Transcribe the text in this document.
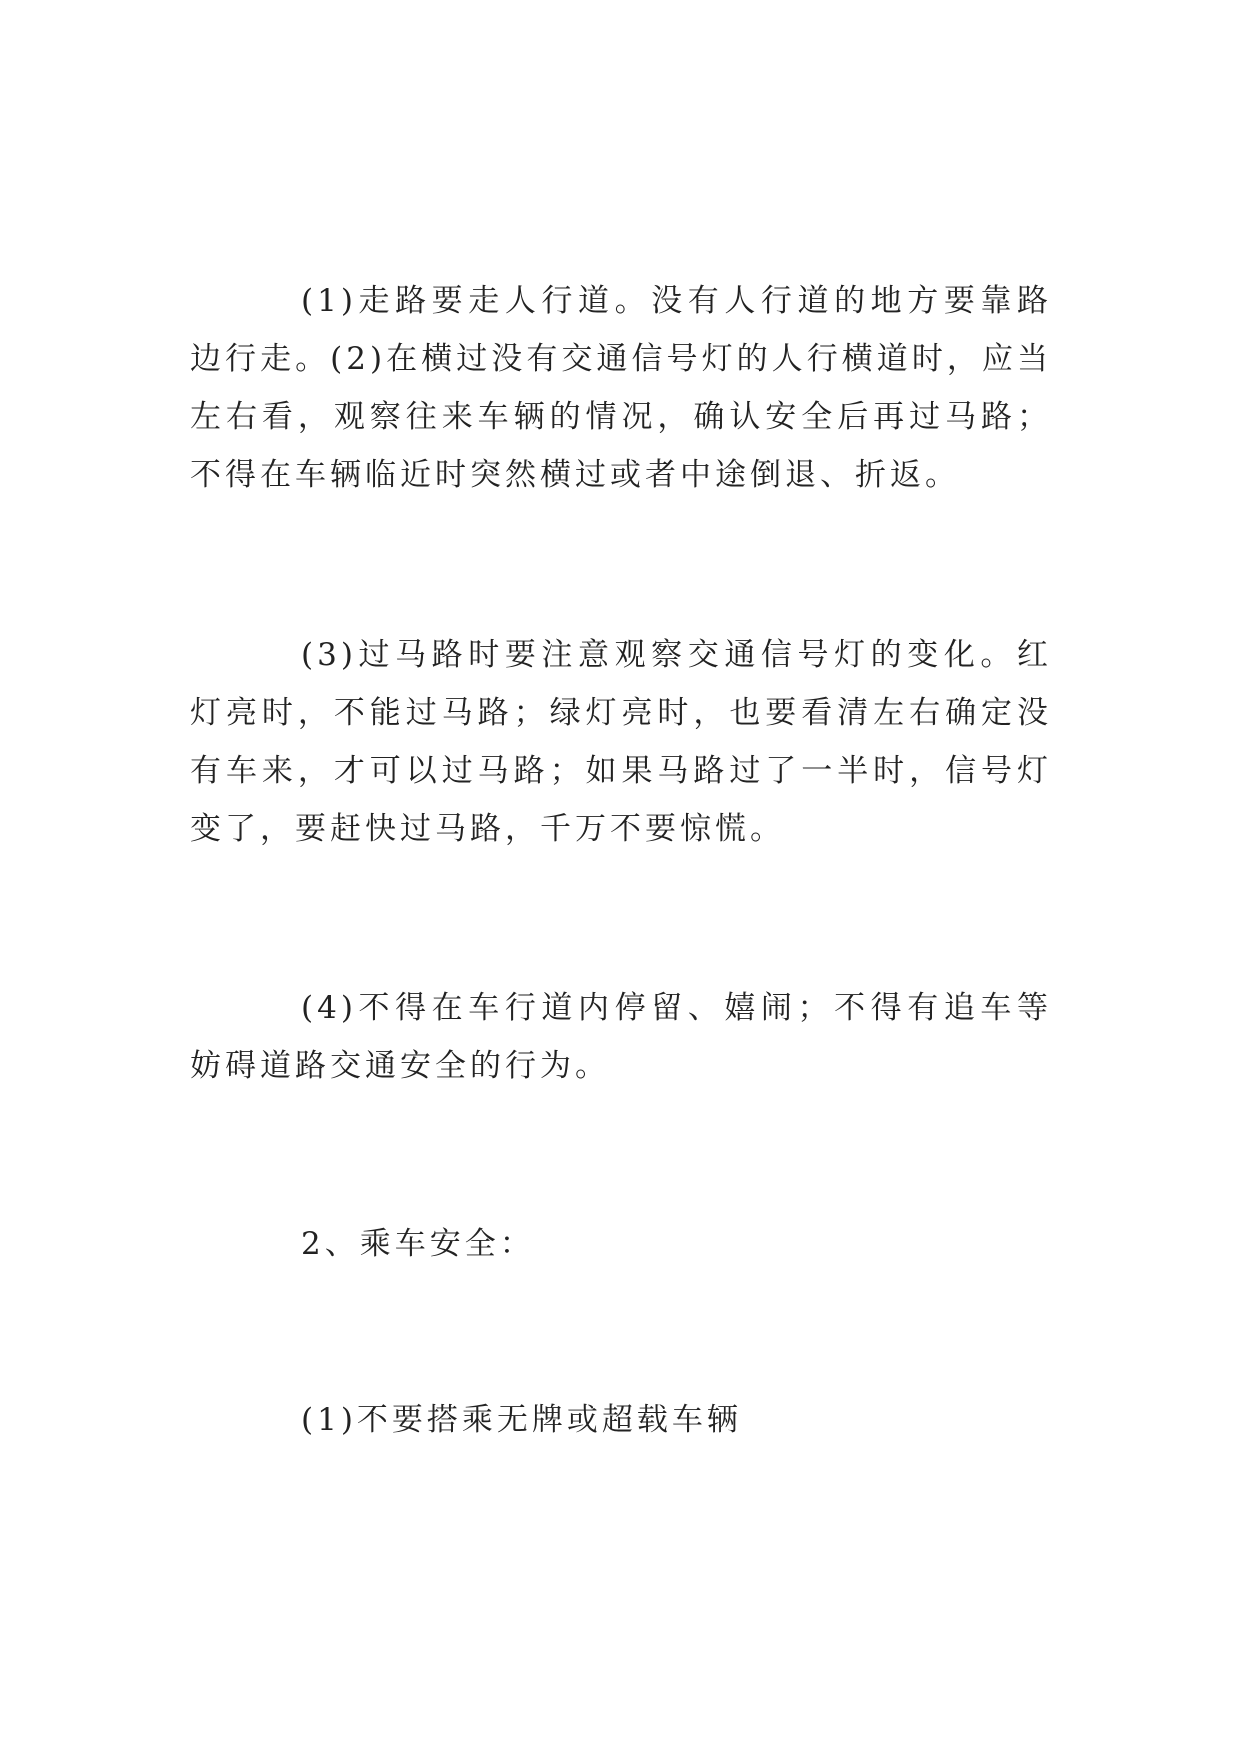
(1)走路要走人行道。没有人行道的地方要靠路边行走。(2)在横过没有交通信号灯的人行横道时，应当左右看，观察往来车辆的情况，确认安全后再过马路；不得在车辆临近时突然横过或者中途倒退、折返。

(3)过马路时要注意观察交通信号灯的变化。红灯亮时，不能过马路；绿灯亮时，也要看清左右确定没有车来，才可以过马路；如果马路过了一半时，信号灯变了，要赶快过马路，千万不要惊慌。

(4)不得在车行道内停留、嬉闹；不得有追车等妨碍道路交通安全的行为。

2、乘车安全：

(1)不要搭乘无牌或超载车辆
